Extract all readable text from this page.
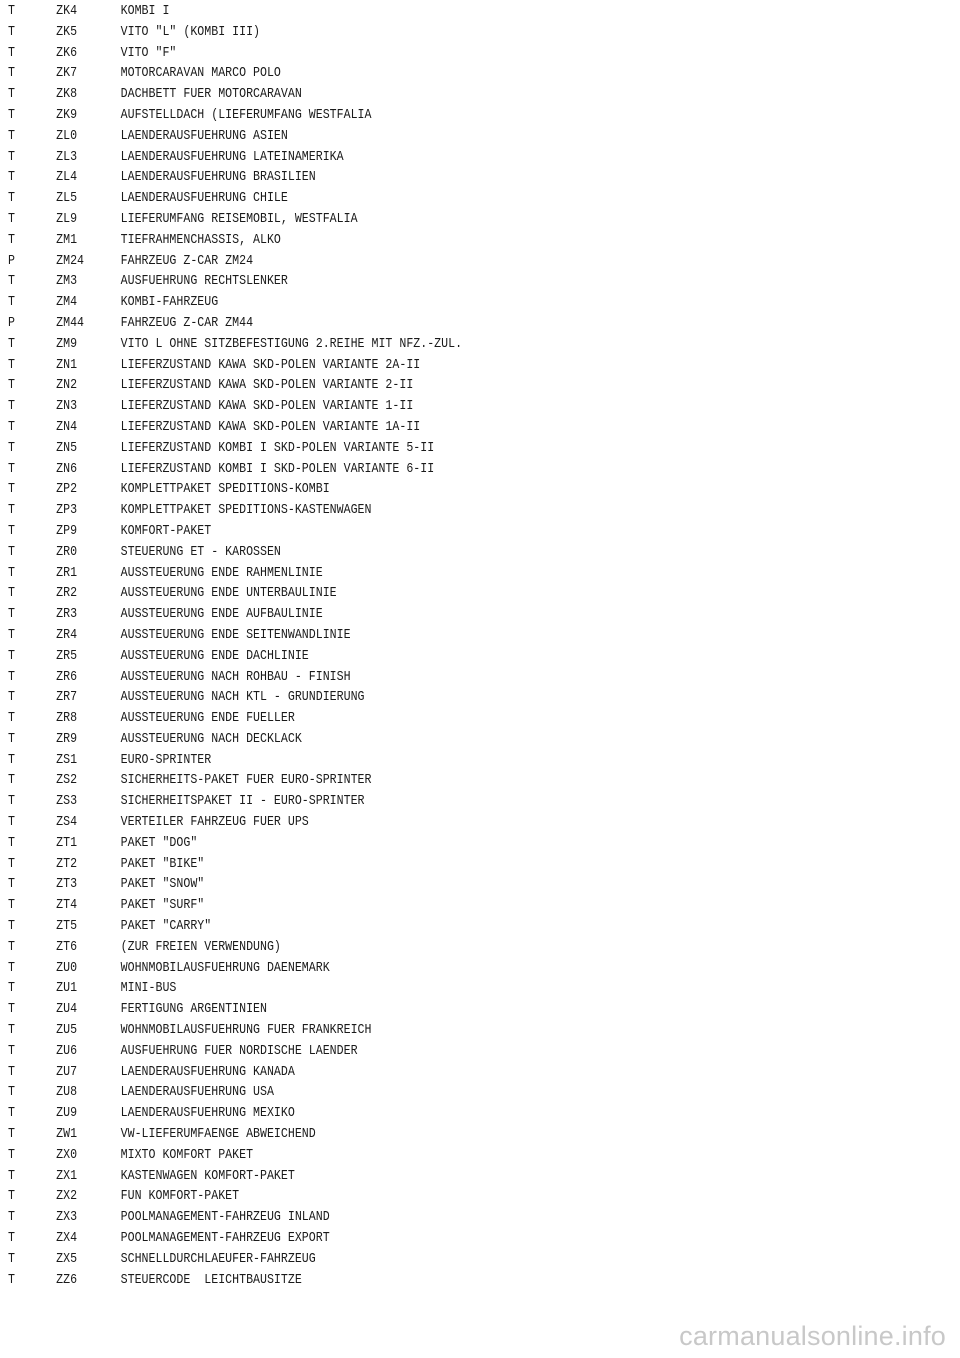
T	ZK4	KOMBI I
T	ZK5	VITO "L" (KOMBI III)
T	ZK6	VITO "F"
T	ZK7	MOTORCARAVAN MARCO POLO
T	ZK8	DACHBETT FUER MOTORCARAVAN
T	ZK9	AUFSTELLDACH (LIEFERUMFANG WESTFALIA
T	ZL0	LAENDERAUSFUEHRUNG ASIEN
T	ZL3	LAENDERAUSFUEHRUNG LATEINAMERIKA
T	ZL4	LAENDERAUSFUEHRUNG BRASILIEN
T	ZL5	LAENDERAUSFUEHRUNG CHILE
T	ZL9	LIEFERUMFANG REISEMOBIL, WESTFALIA
T	ZM1	TIEFRAHMENCHASSIS, ALKO
P	ZM24	FAHRZEUG Z-CAR ZM24
T	ZM3	AUSFUEHRUNG RECHTSLENKER
T	ZM4	KOMBI-FAHRZEUG
P	ZM44	FAHRZEUG Z-CAR ZM44
T	ZM9	VITO L OHNE SITZBEFESTIGUNG 2.REIHE MIT NFZ.-ZUL.
T	ZN1	LIEFERZUSTAND KAWA SKD-POLEN VARIANTE 2A-II
T	ZN2	LIEFERZUSTAND KAWA SKD-POLEN VARIANTE 2-II
T	ZN3	LIEFERZUSTAND KAWA SKD-POLEN VARIANTE 1-II
T	ZN4	LIEFERZUSTAND KAWA SKD-POLEN VARIANTE 1A-II
T	ZN5	LIEFERZUSTAND KOMBI I SKD-POLEN VARIANTE 5-II
T	ZN6	LIEFERZUSTAND KOMBI I SKD-POLEN VARIANTE 6-II
T	ZP2	KOMPLETTPAKET SPEDITIONS-KOMBI
T	ZP3	KOMPLETTPAKET SPEDITIONS-KASTENWAGEN
T	ZP9	KOMFORT-PAKET
T	ZR0	STEUERUNG ET - KAROSSEN
T	ZR1	AUSSTEUERUNG ENDE RAHMENLINIE
T	ZR2	AUSSTEUERUNG ENDE UNTERBAULINIE
T	ZR3	AUSSTEUERUNG ENDE AUFBAULINIE
T	ZR4	AUSSTEUERUNG ENDE SEITENWANDLINIE
T	ZR5	AUSSTEUERUNG ENDE DACHLINIE
T	ZR6	AUSSTEUERUNG NACH ROHBAU - FINISH
T	ZR7	AUSSTEUERUNG NACH KTL - GRUNDIERUNG
T	ZR8	AUSSTEUERUNG ENDE FUELLER
T	ZR9	AUSSTEUERUNG NACH DECKLACK
T	ZS1	EURO-SPRINTER
T	ZS2	SICHERHEITS-PAKET FUER EURO-SPRINTER
T	ZS3	SICHERHEITSPAKET II - EURO-SPRINTER
T	ZS4	VERTEILER FAHRZEUG FUER UPS
T	ZT1	PAKET "DOG"
T	ZT2	PAKET "BIKE"
T	ZT3	PAKET "SNOW"
T	ZT4	PAKET "SURF"
T	ZT5	PAKET "CARRY"
T	ZT6	(ZUR FREIEN VERWENDUNG)
T	ZU0	WOHNMOBILAUSFUEHRUNG DAENEMARK
T	ZU1	MINI-BUS
T	ZU4	FERTIGUNG ARGENTINIEN
T	ZU5	WOHNMOBILAUSFUEHRUNG FUER FRANKREICH
T	ZU6	AUSFUEHRUNG FUER NORDISCHE LAENDER
T	ZU7	LAENDERAUSFUEHRUNG KANADA
T	ZU8	LAENDERAUSFUEHRUNG USA
T	ZU9	LAENDERAUSFUEHRUNG MEXIKO
T	ZW1	VW-LIEFERUMFAENGE ABWEICHEND
T	ZX0	MIXTO KOMFORT PAKET
T	ZX1	KASTENWAGEN KOMFORT-PAKET
T	ZX2	FUN KOMFORT-PAKET
T	ZX3	POOLMANAGEMENT-FAHRZEUG INLAND
T	ZX4	POOLMANAGEMENT-FAHRZEUG EXPORT
T	ZX5	SCHNELLDURCHLAEUFER-FAHRZEUG
T	ZZ6	STEUERCODE  LEICHTBAUSITZE
carmanualsonline.info
